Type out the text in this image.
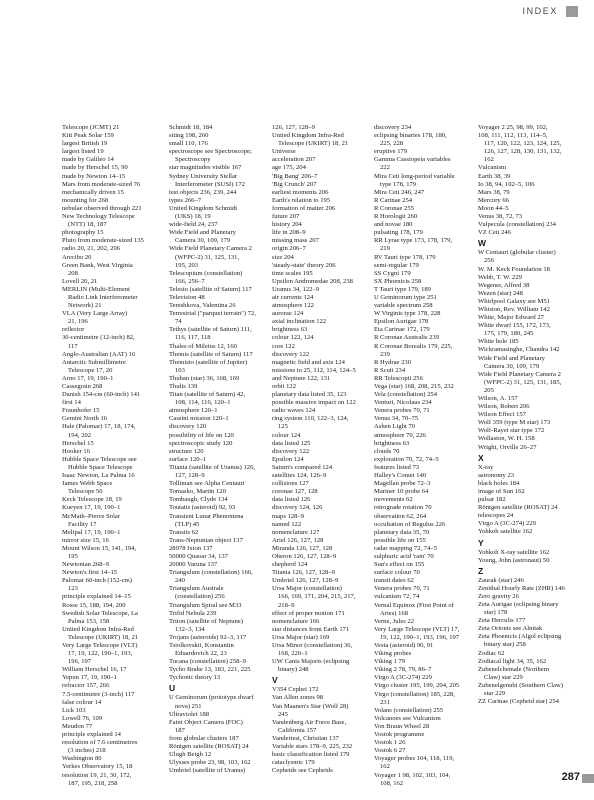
INDEX
Telescope (JCMT) 21
Kitt Peak Solar 159
largest British 19
largest listed 19
made by Galileo 14
made by Herschel 15, 90
made by Newton 14–15
Mars from moderate-sized 76
mechanically driven 15
mounting for 268
nebulae observed through 221
New Technology Telescope
(NTT) 18, 187
photography 15
Pluto from moderate-sized 135
radio 20, 21, 202, 206
Arecibo 20
Green Bank, West Virginia
208
Lovell 20, 21
MERLIN (Multi-Element
Radio Link Interferometer
Network) 21
VLA (Very Large Array)
21, 196
reflector
30-centimetre (12-inch) 82,
117
Anglo-Australian (AAT) 16
Antarctic Submillimetre
Telescope 17, 20
Arno 17, 19, 190–1
Cassegrain 268
Danish 154-cm (60-inch) 141
first 14
Fraunhofer 15
Gemini North 16
Hale (Palomar) 17, 18, 174,
194, 202
Herschel 15
Hooker 16
Hubble Space Telescope see
Hubble Space Telescope
Isaac Newton, La Palma 16
James Webb Space
Telescope 50
Keck Telescope 18, 19
Kueyen 17, 19, 190–1
McMath–Pierce Solar
Facility 17
Melipal 17, 19, 190–1
mirror size 15, 16
Mount Wilson 15, 141, 194,
195
Newtonian 268–9
Newton's first 14–15
Palomar 60-inch (152-cm)
123
principle explained 14–15
Rosse 15, 188, 194, 200
Swedish Solar Telescope, La
Palma 153, 158
United Kingdom Infra-Red
Telescope (UKIRT) 18, 21
Very Large Telescope (VLT)
17, 19, 122, 190–1, 193,
196, 197
William Herschel 16, 17
Yepun 17, 19, 190–1
refractor 157, 266
7.5-centimetre (3-inch) 117
false colour 14
Lick 103
Lowell 76, 109
Meudon 77
principle explained 14
resolution of 7.6 centimetres
(3 inches) 218
Washington 80
Yerkes Observatory 15, 18
resolution 19, 21, 30, 172,
187, 195, 218, 258
Schmidt 18, 184
siting 198, 260
small 110, 176
spectroscope see Spectroscope;
Spectroscopy
star magnitudes visible 167
Sydney University Stellar
Interferometer (SUSI) 172
test objects 236, 239, 244
types 266–7
United Kingdom Schmidt
(UKS) 18, 19
wide-field 24, 237
Wide Field and Planetary
Camera 30, 109, 179
Wide Field Planetary Camera 2
(WFPC-2) 31, 125, 131,
195, 203
Telescopium (constellation)
166, 256–7
Telesto (satellite of Saturn) 117
Television 48
Tereshkova, Valentina 26
Terrestrial ("parquet terrain") 72,
74
Tethys (satellite of Saturn) 111,
116, 117, 118
Thales of Miletus 12, 160
Themis (satellite of Saturn) 117
Themisto (satellite of Jupiter)
103
Thuban (star) 36, 168, 169
Thulis 139
Titan (satellite of Saturn) 42,
108, 114, 116, 120–1
atmosphere 120–1
Cassini mission 120–1
discovery 120
possibility of life on 120
spectroscopic study 120
structure 120
surface 120–1
Titania (satellite of Uranus) 126,
127, 128–9
Tolliman see Alpha Centauri
Tomasko, Martin 120
Tombaugh, Clyde 134
Toutatis (asteroid) 92, 93
Transient Lunar Phenomena
(TLP) 45
Transits 62
Trans-Neptunian object 137
28978 Ixion 137
50000 Quaoar 34, 137
20000 Varuna 137
Triangulum (constellation) 166,
240
Triangulum Australe
(constellation) 256
Triangulum Spiral see M33
Trifid Nebula 239
Triton (satellite of Neptune)
132–3, 134
Trojans (asteroids) 92–3, 117
Tsiolkovskii, Konstantin
Eduardovich 22, 23
Tucana (constellation) 258–9
Tycho Brahe 13, 183, 221, 225
Tychonic theory 13
U
U Geminorum (prototype dwarf
nova) 251
Ultraviolet 188
Faint Object Camera (FOC)
187
from globular clusters 187
Röntgen satellite (ROSAT) 24
Ulugh Beigh 12
Ulysses probe 23, 98, 103, 162
Umbriel (satellite of Uranus)
126, 127, 128–9
United Kingdom Infra-Red
Telescope (UKIRT) 18, 21
Universe
acceleration 207
age 175, 204
'Big Bang' 206–7
'Big Crunch' 207
earliest moments 206
Earth's relation to 195
formation of matter 206
future 207
history 204
life in 208–9
missing mass 207
origin 206–7
size 204
'steady-state' theory 206
time scales 195
Upsilon Andromedae 208, 238
Uranus 34, 122–9
air currents 124
atmosphere 122
aurorae 124
axial inclination 122
brightness 63
colour 122, 124
core 122
discovery 122
magnetic field and axis 124
missions to 25, 112, 114, 124–5
and Neptune 122, 131
orbit 122
planetary data listed 35, 123
possible massive impact on 122
radio waves 124
ring system 110, 122–3, 124,
125
colour 124
data listed 125
discovery 122
Epsilon 124
Saturn's compared 124
satellites 124, 126–9
collisions 127
coronae 127, 128
data listed 126
discovery 124, 126
maps 128–9
named 122
nomenclature 127
Ariel 126, 127, 128
Miranda 126, 127, 128
Oberon 126, 127, 128–9
shepherd 124
Titania 126, 127, 128–9
Umbriel 126, 127, 128–9
Ursa Major (constellation)
166, 169, 171, 204, 215, 217,
218–9
effect of proper motion 171
nomenclature 166
star distances from Earth 171
Ursa Major (star) 169
Ursa Minor (constellation) 36,
168, 220–1
UW Canis Majoris (eclipsing
binary) 248
V
V354 Cephei 172
Van Allen zones 98
Van Maanen's Star (Wolf 28)
245
Vandenberg Air Force Base,
California 157
Vanderiest, Christian 137
Variable stars 178–9, 225, 232
basic classification listed 179
cataclysmic 179
Cepheids see Cepheids
discovery 234
eclipsing binaries 178, 180,
225, 228
eruptive 179
Gamma Cassiopeia variables
222
Mira Ceti long-period variable
type 178, 179
Mira Ceti 246, 247
R Carinae 254
R Coronae 255
R Horologii 260
and novae 180
pulsating 178, 179
RR Lyrae type 173, 178, 179,
219
RV Tauri type 178, 179
semi-regular 179
SS Cygni 179
SX Phoenicis 258
T Tauri type 179, 189
U Geminorum type 251
variable spectrum 258
W Virginis type 178, 228
Epsilon Aurigae 178
Eta Carinae 172, 179
R Coronae Australis 239
R Coronae Borealis 179, 225,
239
R Hydrae 230
R Scuti 234
RR Telescopii 256
Vega (star) 168, 208, 215, 232
Vela (constellation) 254
Venturi, Nicolaus 234
Venera probes 70, 71
Venus 34, 70–75
Ashen Light 70
atmosphere 70, 226
brightness 63
clouds 70
exploration 70, 72, 74–5
features listed 73
Halley's Comet 140
Magellan probe 72–3
Mariner 10 probe 64
movements 62
retrograde rotation 70
observation 62, 264
occultation of Regulus 226
planetary data 35, 70
possible life on 155
radar mapping 72, 74–5
sulphuric acid 'rain' 70
Sun's effect on 155
surface colour 70
transit dates 62
Venera probes 70, 71
vulcanism 72, 74
Vernal Equinox (First Point of
Aries) 168
Verne, Jules 22
Very Large Telescope (VLT) 17,
19, 122, 190–1, 193, 196, 197
Vesta (asteroid) 90, 91
Viking probes
Viking 1 79
Viking 2 78, 79, 86–7
Virgo A (3C-274) 229
Virgo cluster 195, 199, 204, 205
Virgo (constellation) 185, 228,
231
Volans (constellation) 255
Volcanoes see Vulcanism
Von Braun Wheel 28
Vostok programme
Vostok 1 26
Vostok 6 27
Voyager probes 104, 118, 119,
162
Voyager 1 98, 102, 103, 104,
108, 162
Voyager 2 25, 98, 99, 102,
108, 111, 112, 113, 114–5,
117, 120, 122, 123, 124, 125,
126, 127, 128, 130, 131, 132,
162
Vulcanism
Earth 38, 39
Io 38, 94, 102–5, 106
Mars 38, 79
Mercury 66
Moon 44–5
Venus 38, 72, 73
Vulpecula (constellation) 234
VZ Ceti 246
W
W Centauri (globular cluster)
256
W. M. Keck Foundation 18
Webb, T. W. 229
Wegener, Alfred 38
Wezen (star) 248
Whirlpool Galaxy see M51
Whiston, Rev. William 142
White, Major Edward 27
White dwarf 155, 172, 173,
175, 179, 180, 245
White hole 185
Wickramasinghe, Chandra 142
Wide Field and Planetary
Camera 30, 109, 179
Wide Field Planetary Camera 2
(WFPC-2) 31, 125, 131, 185,
205
Wilson, A. 157
Wilson, Robert 206
Wilson Effect 157
Wolf 359 (type M star) 173
Wolf-Rayet star type 172
Wollaston, W. H. 158
Wright, Orville 26–27
X
X-ray
astronomy 23
black holes 184
image of Sun 162
pulsar 182
Röntgen satellite (ROSAT) 24
telescopes 24
Virgo A (3C-274) 229
Yohkoh satellite 162
Y
Yohkoh X-ray satellite 162
Young, John (astronaut) 50
Z
Zaurak (star) 246
Zenithal Hourly Rate (ZHR) 146
Zero gravity 26
Zeta Aurigae (eclipsing binary
star) 178
Zeta Herculis 177
Zeta Orionis see Alnitak
Zeta Phoenicis (Algol eclipsing
binary star) 258
Zodiac 62
Zodiacal light 34, 35, 162
Zubenelchemale (Northern
Claw) star 229
Zubenelgenubi (Southern Claw)
star 229
ZZ Carinae (Cepheid star) 254
287
